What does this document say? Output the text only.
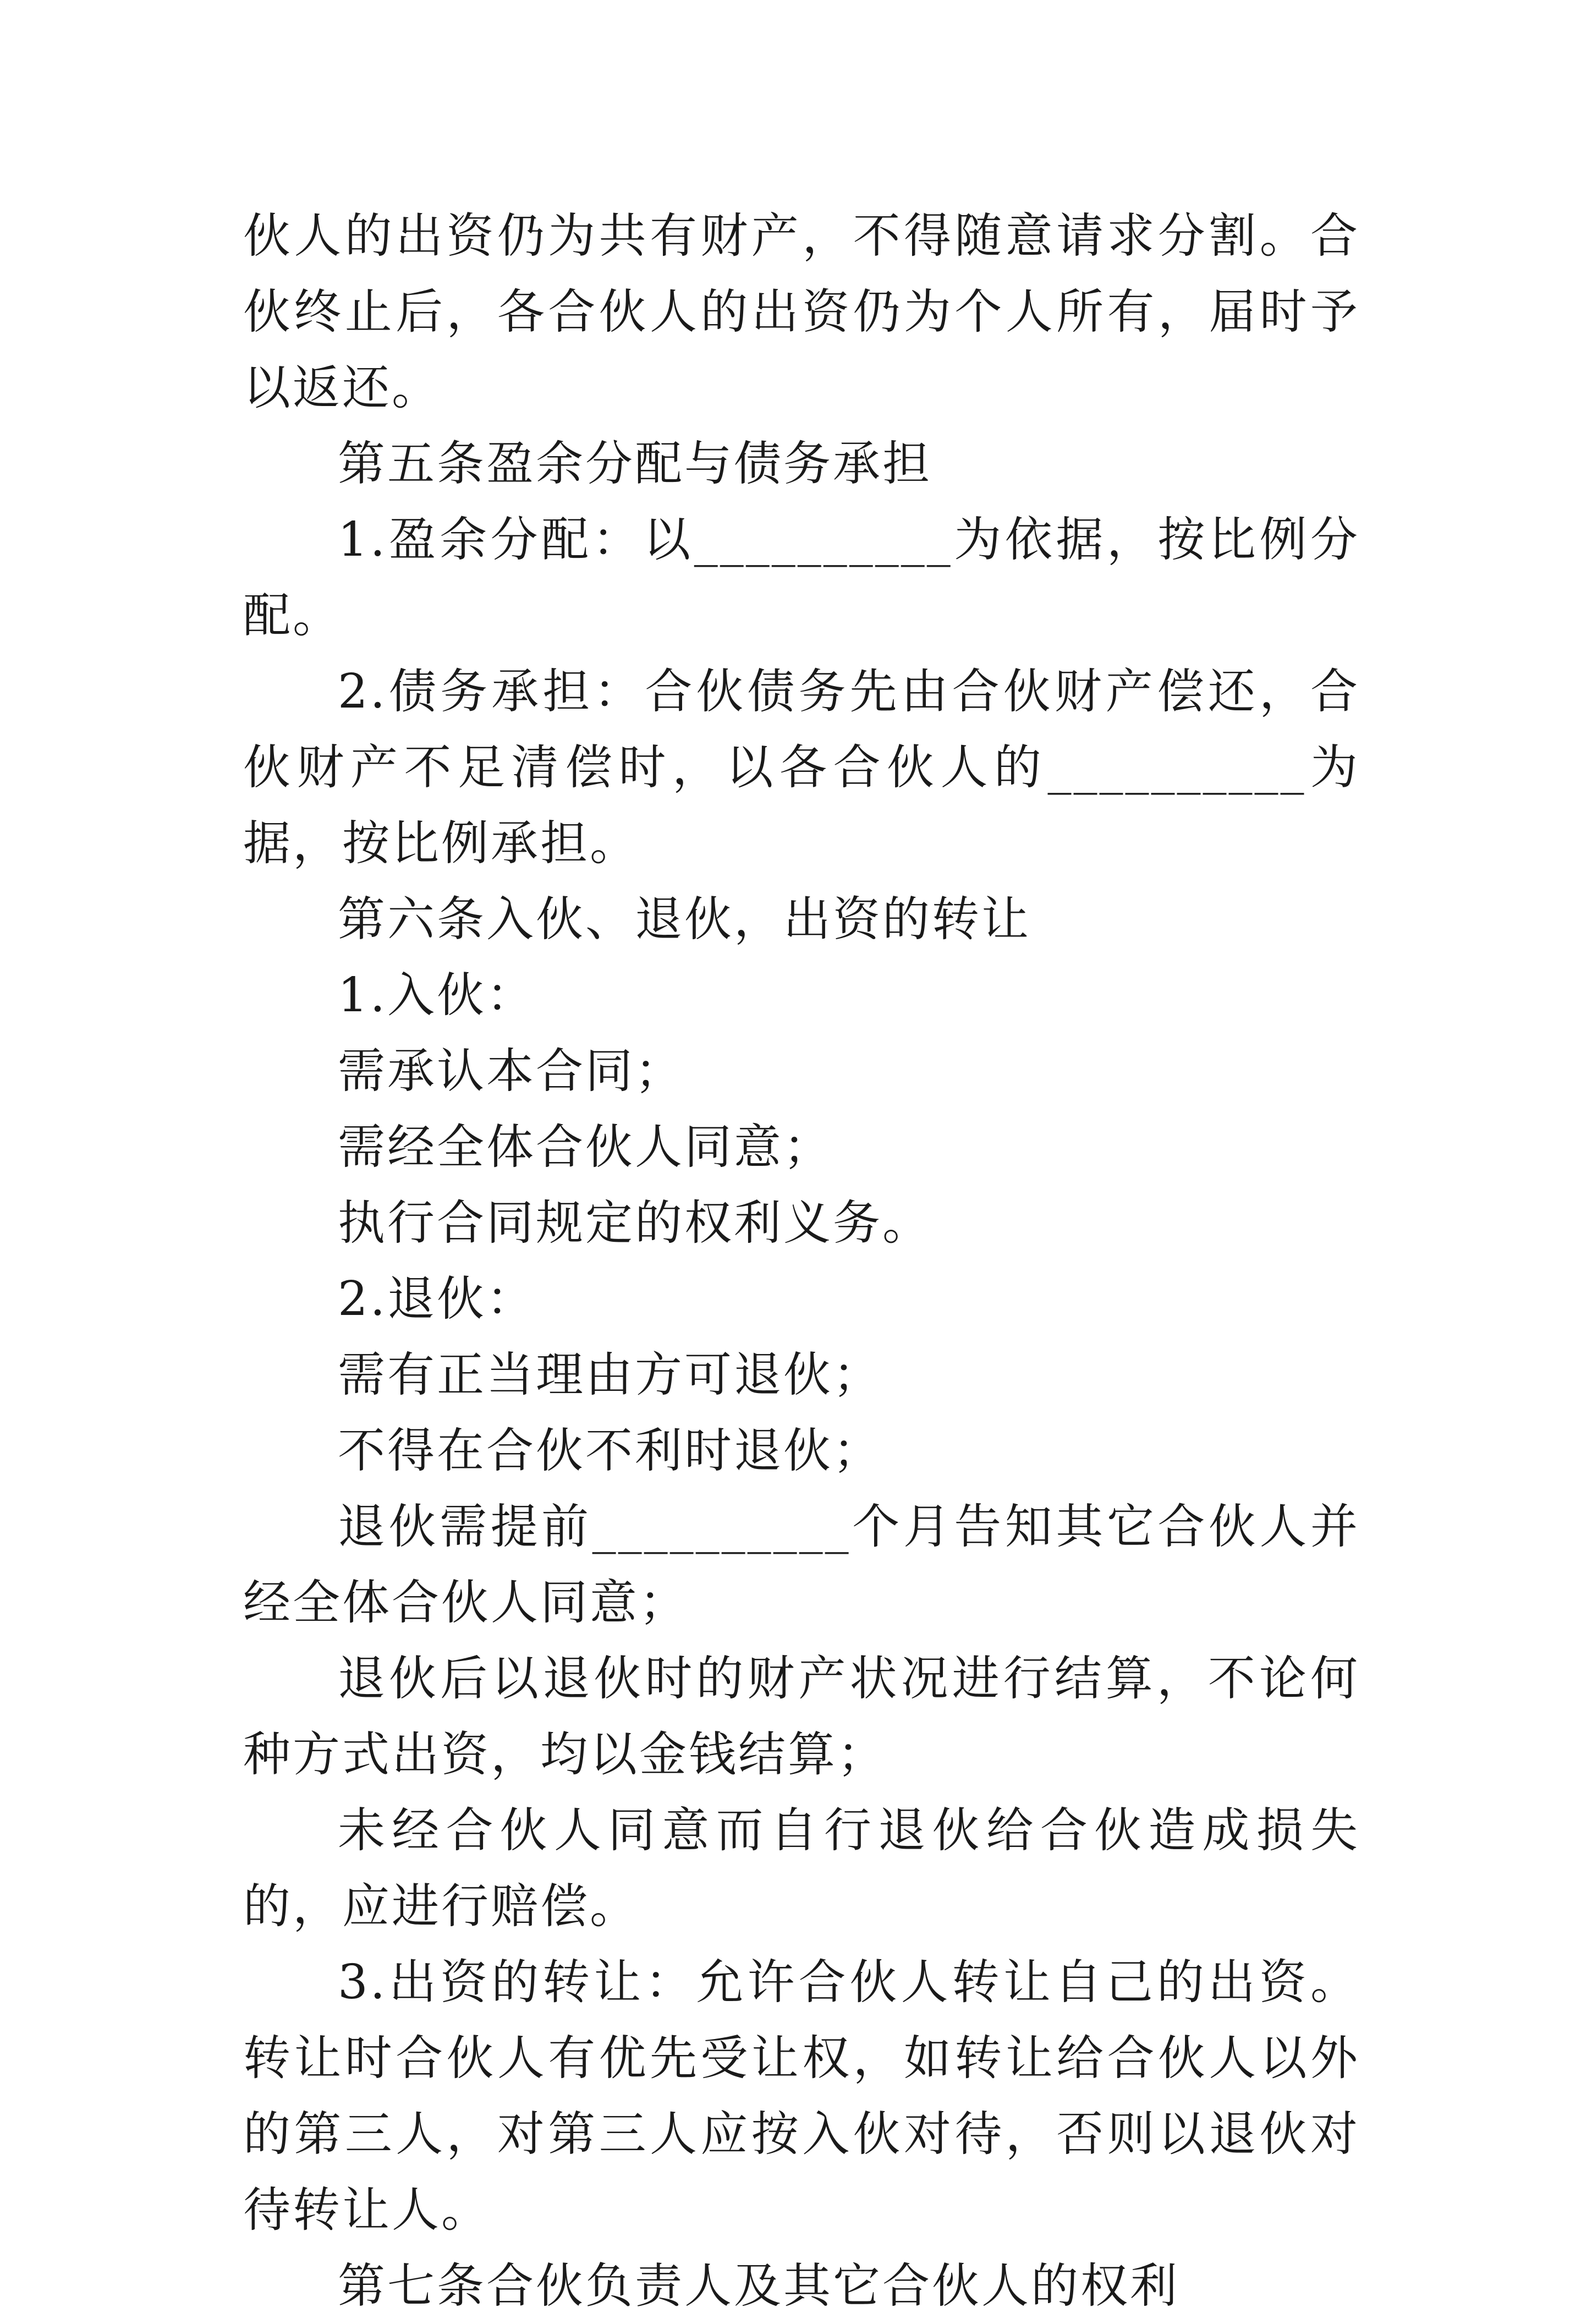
伙人的出资仍为共有财产，不得随意请求分割。合伙终止后，各合伙人的出资仍为个人所有，届时予以返还。

第五条盈余分配与债务承担

1.盈余分配：以__________为依据，按比例分配。

2.债务承担：合伙债务先由合伙财产偿还，合伙财产不足清偿时，以各合伙人的__________为据，按比例承担。

第六条入伙、退伙，出资的转让

1.入伙：

需承认本合同；

需经全体合伙人同意；

执行合同规定的权利义务。

2.退伙：

需有正当理由方可退伙；

不得在合伙不利时退伙；

退伙需提前__________个月告知其它合伙人并经全体合伙人同意；

退伙后以退伙时的财产状况进行结算，不论何种方式出资，均以金钱结算；

未经合伙人同意而自行退伙给合伙造成损失的，应进行赔偿。

3.出资的转让：允许合伙人转让自己的出资。转让时合伙人有优先受让权，如转让给合伙人以外的第三人，对第三人应按入伙对待，否则以退伙对待转让人。

第七条合伙负责人及其它合伙人的权利
